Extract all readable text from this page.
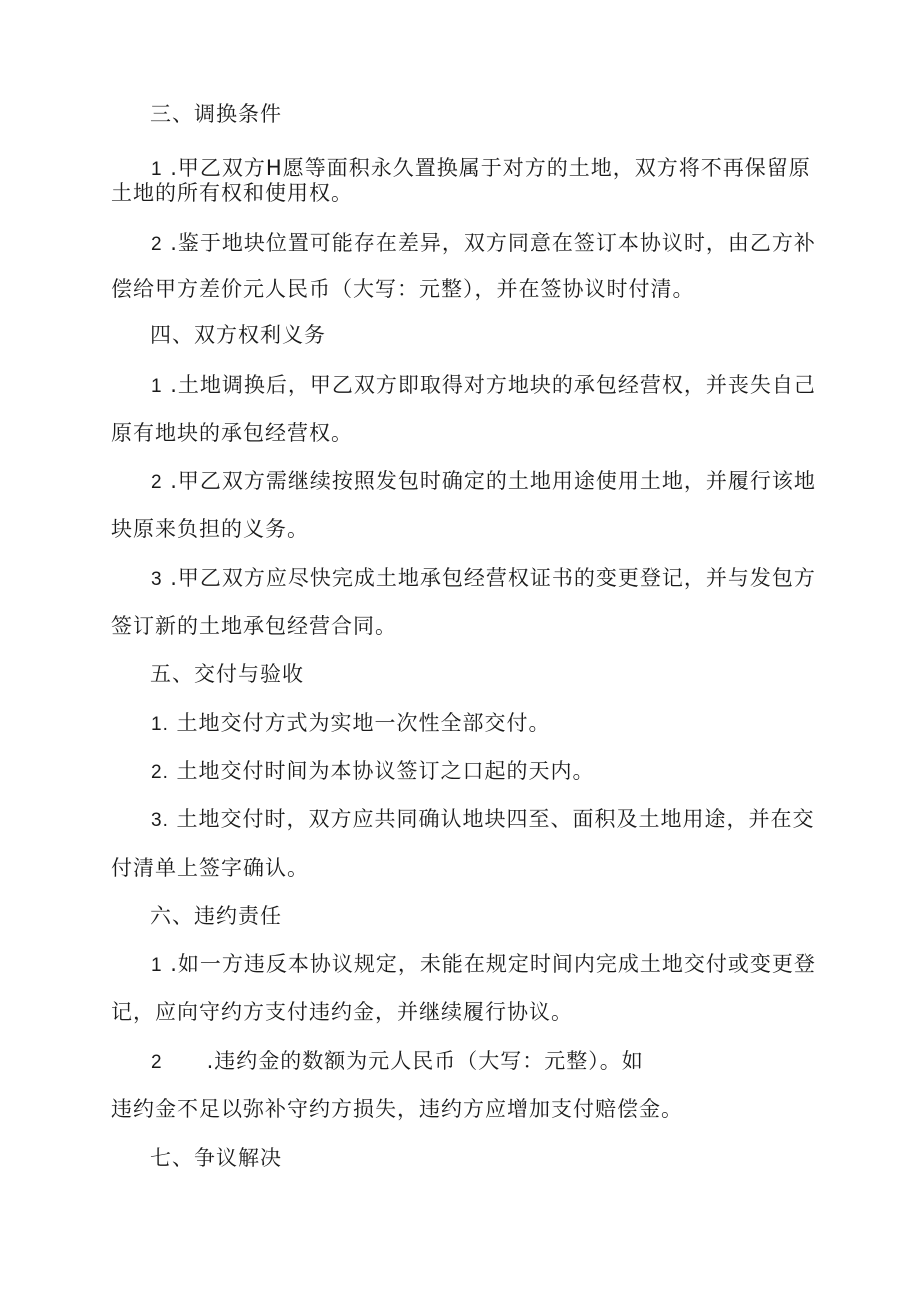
三、调换条件
1 .甲乙双方H愿等面积永久置换属于对方的土地，双方将不再保留原
土地的所有权和使用权。
2 .鉴于地块位置可能存在差异，双方同意在签订本协议时，由乙方补
偿给甲方差价元人民币（大写：元整），并在签协议时付清。
四、双方权利义务
1 .土地调换后，甲乙双方即取得对方地块的承包经营权，并丧失自己
原有地块的承包经营权。
2 .甲乙双方需继续按照发包时确定的土地用途使用土地，并履行该地
块原来负担的义务。
3 .甲乙双方应尽快完成土地承包经营权证书的变更登记，并与发包方
签订新的土地承包经营合同。
五、交付与验收
1. 土地交付方式为实地一次性全部交付。
2. 土地交付时间为本协议签订之口起的天内。
3. 土地交付时，双方应共同确认地块四至、面积及土地用途，并在交
付清单上签字确认。
六、违约责任
1 .如一方违反本协议规定，未能在规定时间内完成土地交付或变更登
记，应向守约方支付违约金，并继续履行协议。
2 .违约金的数额为元人民币（大写：元整）。如
违约金不足以弥补守约方损失，违约方应增加支付赔偿金。
七、争议解决
